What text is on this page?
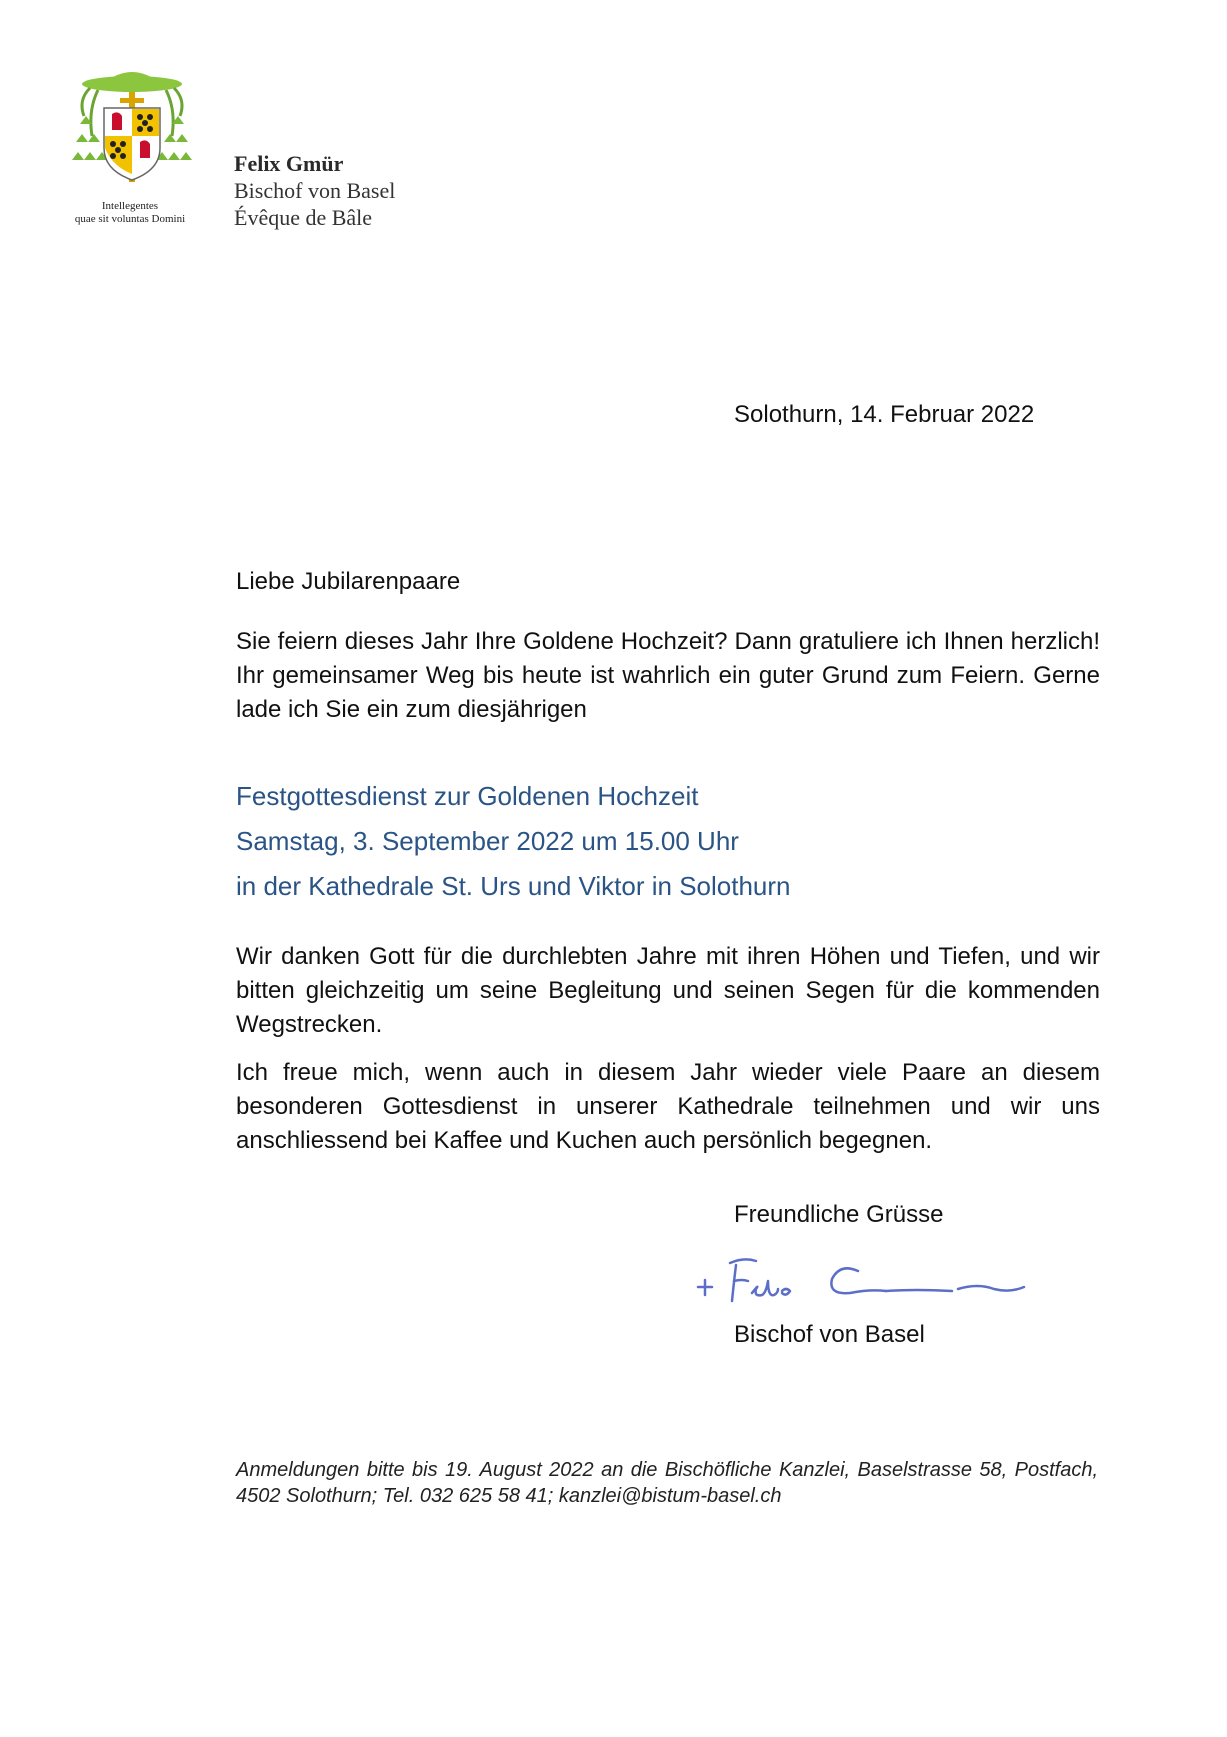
Intellegentes
quae sit voluntas Domini
Felix Gmür
Bischof von Basel
Évêque de Bâle
Solothurn, 14. Februar 2022

Liebe Jubilarenpaare

Sie feiern dieses Jahr Ihre Goldene Hochzeit? Dann gratuliere ich Ihnen herzlich! Ihr gemeinsamer Weg bis heute ist wahrlich ein guter Grund zum Feiern. Gerne lade ich Sie ein zum diesjährigen

Festgottesdienst zur Goldenen Hochzeit
Samstag, 3. September 2022 um 15.00 Uhr
in der Kathedrale St. Urs und Viktor in Solothurn

Wir danken Gott für die durchlebten Jahre mit ihren Höhen und Tiefen, und wir bitten gleichzeitig um seine Begleitung und seinen Segen für die kommenden Wegstrecken.

Ich freue mich, wenn auch in diesem Jahr wieder viele Paare an diesem besonderen Gottesdienst in unserer Kathedrale teilnehmen und wir uns anschliessend bei Kaffee und Kuchen auch persönlich begegnen.

Freundliche Grüsse
Bischof von Basel

Anmeldungen bitte bis 19. August 2022 an die Bischöfliche Kanzlei, Baselstrasse 58, Postfach, 4502 Solothurn; Tel. 032 625 58 41; kanzlei@bistum-basel.ch
